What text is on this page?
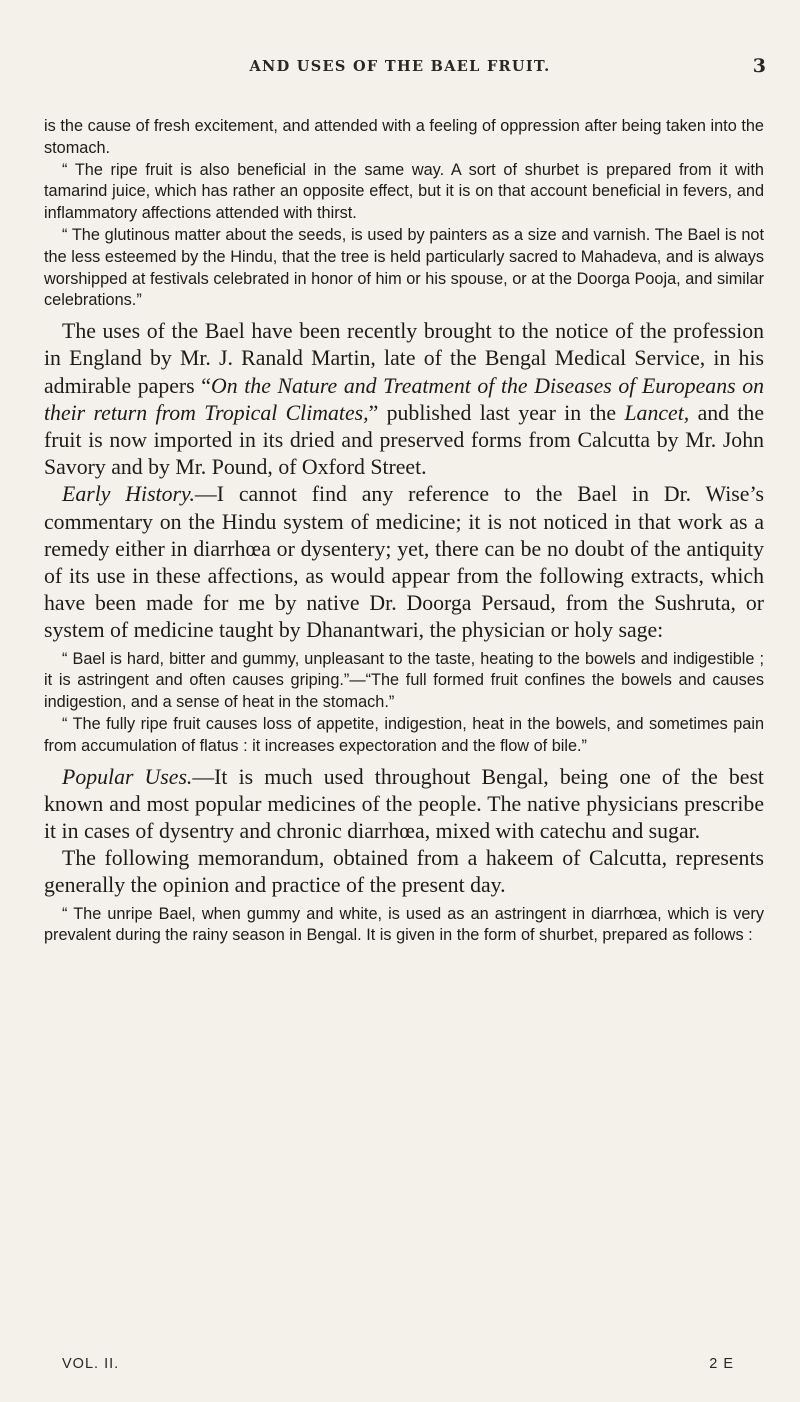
AND USES OF THE BAEL FRUIT.	3

is the cause of fresh excitement, and attended with a feeling of oppression after being taken into the stomach.

“ The ripe fruit is also beneficial in the same way. A sort of shurbet is prepared from it with tamarind juice, which has rather an opposite effect, but it is on that account beneficial in fevers, and inflammatory affections attended with thirst.

“ The glutinous matter about the seeds, is used by painters as a size and varnish. The Bael is not the less esteemed by the Hindu, that the tree is held particularly sacred to Mahadeva, and is always worshipped at festivals celebrated in honor of him or his spouse, or at the Doorga Pooja, and similar celebrations.”

The uses of the Bael have been recently brought to the notice of the profession in England by Mr. J. Ranald Martin, late of the Bengal Medical Service, in his admirable papers “On the Nature and Treatment of the Diseases of Europeans on their return from Tropical Climates,” published last year in the Lancet, and the fruit is now imported in its dried and preserved forms from Calcutta by Mr. John Savory and by Mr. Pound, of Oxford Street.

Early History.—I cannot find any reference to the Bael in Dr. Wise’s commentary on the Hindu system of medicine; it is not noticed in that work as a remedy either in diarrhœa or dysentery; yet, there can be no doubt of the antiquity of its use in these affections, as would appear from the following extracts, which have been made for me by native Dr. Doorga Persaud, from the Sushruta, or system of medicine taught by Dhanantwari, the physician or holy sage:

“ Bael is hard, bitter and gummy, unpleasant to the taste, heating to the bowels and indigestible ; it is astringent and often causes griping.”—“The full formed fruit confines the bowels and causes indigestion, and a sense of heat in the stomach.”

“ The fully ripe fruit causes loss of appetite, indigestion, heat in the bowels, and sometimes pain from accumulation of flatus : it increases expectoration and the flow of bile.”

Popular Uses.—It is much used throughout Bengal, being one of the best known and most popular medicines of the people. The native physicians prescribe it in cases of dysentry and chronic diarrhœa, mixed with catechu and sugar.

The following memorandum, obtained from a hakeem of Calcutta, represents generally the opinion and practice of the present day.

“ The unripe Bael, when gummy and white, is used as an astringent in diarrhœa, which is very prevalent during the rainy season in Bengal. It is given in the form of shurbet, prepared as follows :

VOL. II.	2 E
